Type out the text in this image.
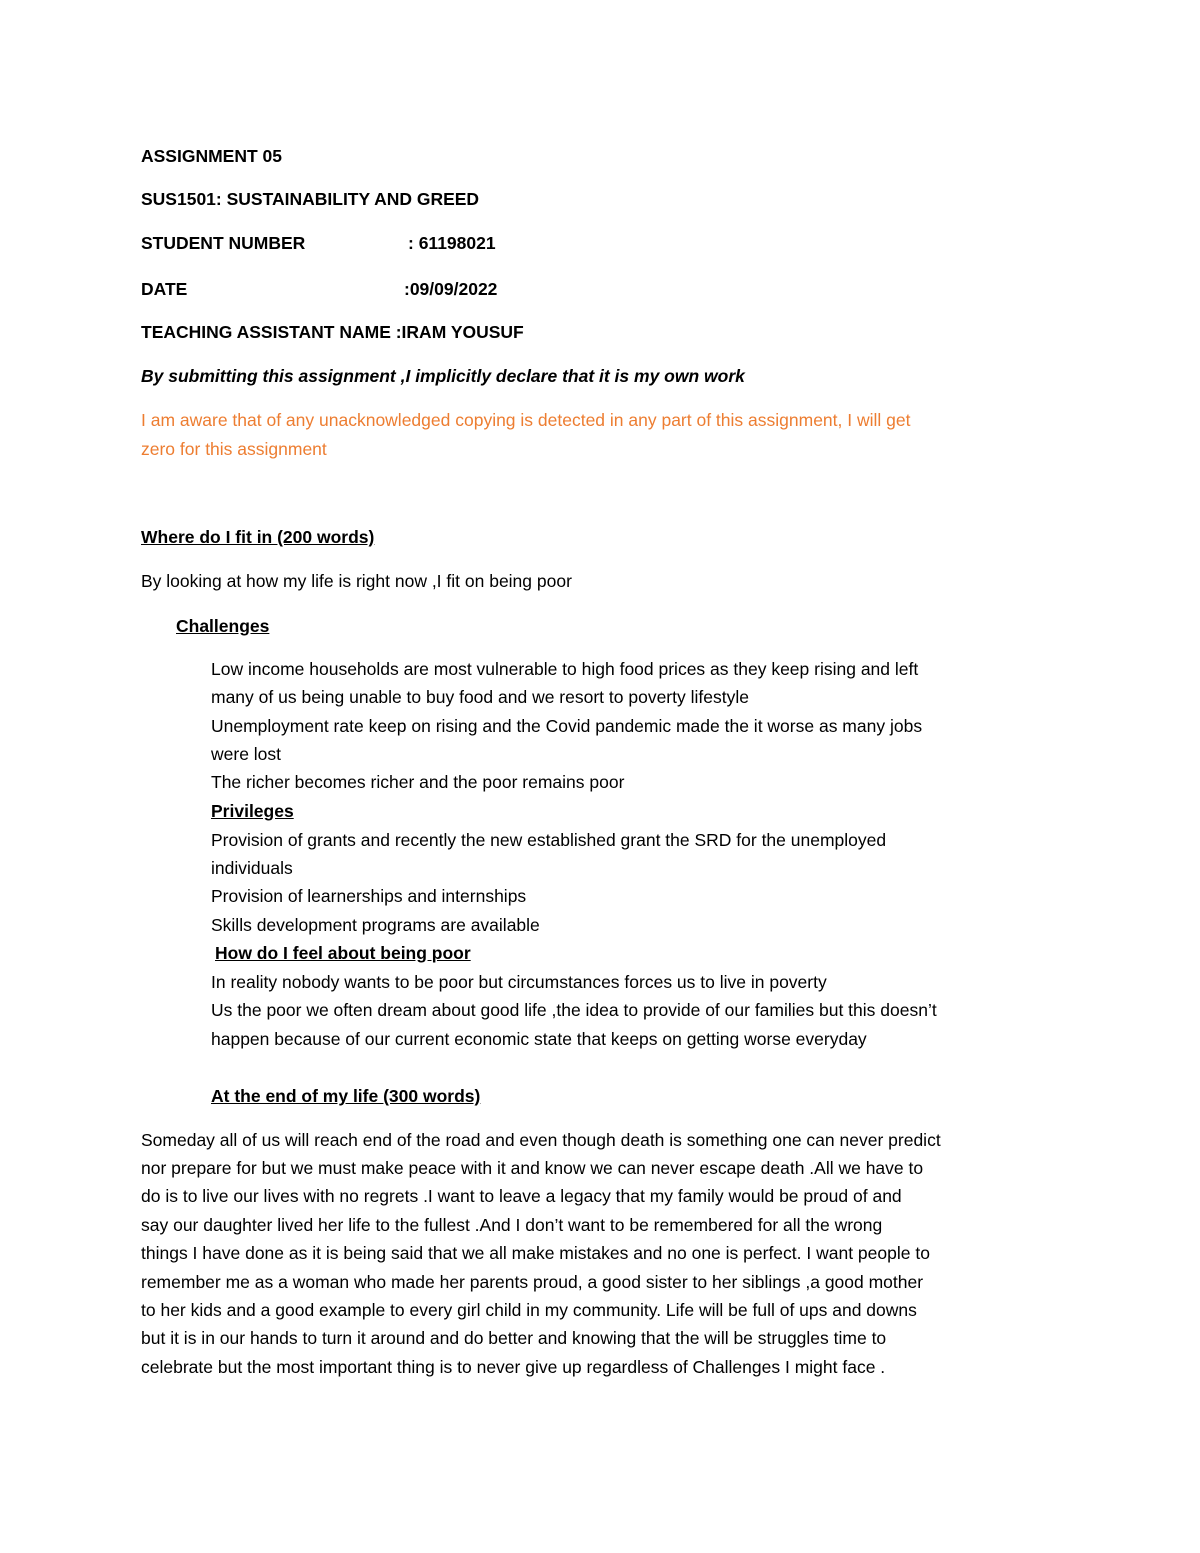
ASSIGNMENT 05
SUS1501: SUSTAINABILITY AND GREED
STUDENT NUMBER	: 61198021
DATE	:09/09/2022
TEACHING ASSISTANT NAME :IRAM YOUSUF
By submitting this assignment ,I implicitly declare that it is my own work
I am aware that of any unacknowledged copying is detected in any part of this assignment, I will get
zero for this assignment
Where do I fit in (200 words)
By looking at how my life is right now ,I fit on being poor
Challenges
Low income households are most vulnerable to high food prices as they keep rising and left
many of us being unable to buy food and we resort to poverty lifestyle
Unemployment rate keep on rising and the Covid pandemic made the it worse as many jobs
were lost
The richer becomes richer and the poor remains poor
Privileges
Provision of grants and recently the new established grant the SRD for the unemployed
individuals
Provision of learnerships and internships
Skills development programs are available
How do I feel about being poor
In reality nobody wants to be poor but circumstances forces us to live in poverty
Us the poor we often dream about good life ,the idea to provide of our families but this doesn’t
happen because of our current economic state that keeps on getting worse everyday
At the end of my life (300 words)
Someday all of us will reach end of the road and even though death is something one can never predict
nor prepare for but we must make peace with it and know we can never escape death .All we have to
do is to live our lives with no regrets .I want to leave a legacy that my family would be proud of and
say our daughter lived her life to the fullest .And I don’t want to be remembered for all the wrong
things I have done as it is being said that we all make mistakes and no one is perfect. I want people to
remember me as a woman who made her parents proud, a good sister to her siblings ,a good mother
to her kids and a good example to every girl child in my community. Life will be full of ups and downs
but it is in our hands to turn it around and do better and knowing that the will be struggles time to
celebrate but the most important thing is to never give up regardless of Challenges I might face .
